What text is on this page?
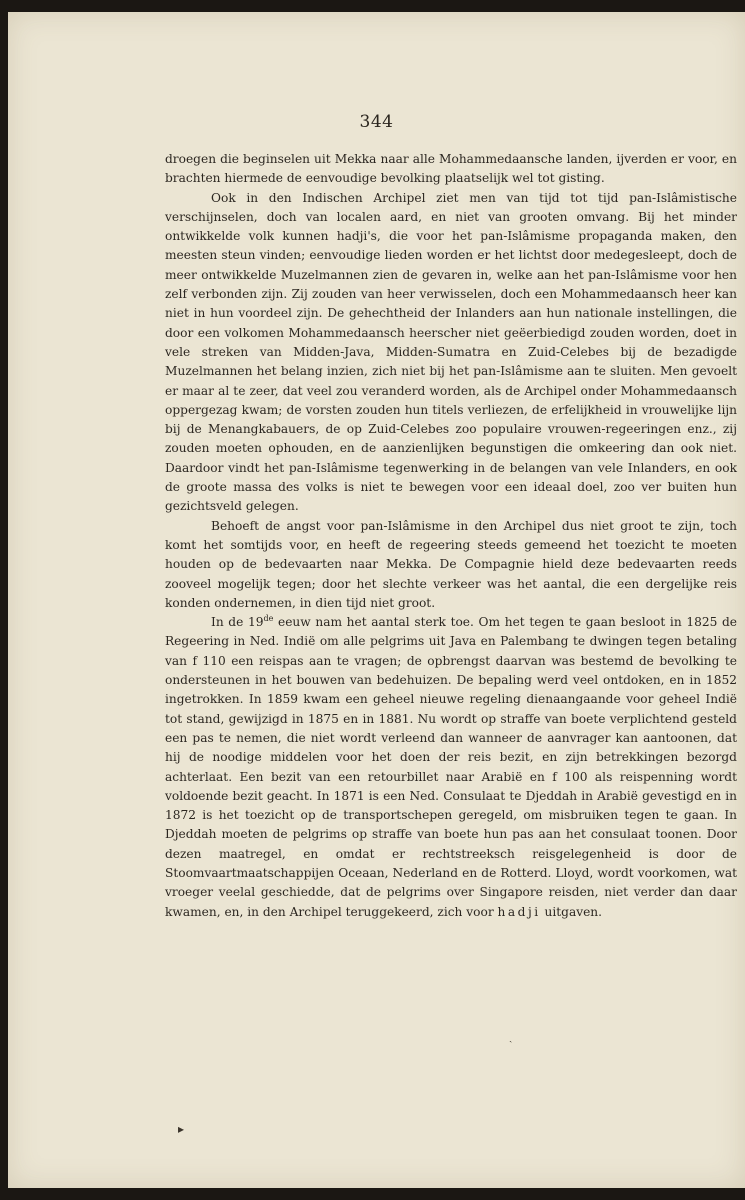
344

droegen die beginselen uit Mekka naar alle Mohammedaansche landen, ijverden er voor, en brachten hiermede de eenvoudige bevolking plaatselijk wel tot gisting.

Ook in den Indischen Archipel ziet men van tijd tot tijd pan-Islâmistische verschijnselen, doch van localen aard, en niet van grooten omvang. Bij het minder ontwikkelde volk kunnen hadji's, die voor het pan-Islâmisme propaganda maken, den meesten steun vinden; eenvoudige lieden worden er het lichtst door medegesleept, doch de meer ontwikkelde Muzelmannen zien de gevaren in, welke aan het pan-Islâmisme voor hen zelf verbonden zijn. Zij zouden van heer verwisselen, doch een Mohammedaansch heer kan niet in hun voordeel zijn. De gehechtheid der Inlanders aan hun nationale instellingen, die door een volkomen Mohammedaansch heerscher niet geëerbiedigd zouden worden, doet in vele streken van Midden-Java, Midden-Sumatra en Zuid-Celebes bij de bezadigde Muzelmannen het belang inzien, zich niet bij het pan-Islâmisme aan te sluiten. Men gevoelt er maar al te zeer, dat veel zou veranderd worden, als de Archipel onder Mohammedaansch oppergezag kwam; de vorsten zouden hun titels verliezen, de erfelijkheid in vrouwelijke lijn bij de Menangkabauers, de op Zuid-Celebes zoo populaire vrouwen-regeeringen enz., zij zouden moeten ophouden, en de aanzienlijken begunstigen die omkeering dan ook niet. Daardoor vindt het pan-Islâmisme tegenwerking in de belangen van vele Inlanders, en ook de groote massa des volks is niet te bewegen voor een ideaal doel, zoo ver buiten hun gezichtsveld gelegen.

Behoeft de angst voor pan-Islâmisme in den Archipel dus niet groot te zijn, toch komt het somtijds voor, en heeft de regeering steeds gemeend het toezicht te moeten houden op de bedevaarten naar Mekka. De Compagnie hield deze bedevaarten reeds zooveel mogelijk tegen; door het slechte verkeer was het aantal, die een dergelijke reis konden ondernemen, in dien tijd niet groot.

In de 19de eeuw nam het aantal sterk toe. Om het tegen te gaan besloot in 1825 de Regeering in Ned. Indië om alle pelgrims uit Java en Palembang te dwingen tegen betaling van f 110 een reispas aan te vragen; de opbrengst daarvan was bestemd de bevolking te ondersteunen in het bouwen van bedehuizen. De bepaling werd veel ontdoken, en in 1852 ingetrokken. In 1859 kwam een geheel nieuwe regeling dienaangaande voor geheel Indië tot stand, gewijzigd in 1875 en in 1881. Nu wordt op straffe van boete verplichtend gesteld een pas te nemen, die niet wordt verleend dan wanneer de aanvrager kan aantoonen, dat hij de noodige middelen voor het doen der reis bezit, en zijn betrekkingen bezorgd achterlaat. Een bezit van een retourbillet naar Arabië en f 100 als reispenning wordt voldoende bezit geacht. In 1871 is een Ned. Consulaat te Djeddah in Arabië gevestigd en in 1872 is het toezicht op de transportschepen geregeld, om misbruiken tegen te gaan. In Djeddah moeten de pelgrims op straffe van boete hun pas aan het consulaat toonen. Door dezen maatregel, en omdat er rechtstreeksch reisgelegenheid is door de Stoomvaartmaatschappijen Oceaan, Nederland en de Rotterd. Lloyd, wordt voorkomen, wat vroeger veelal geschiedde, dat de pelgrims over Singapore reisden, niet verder dan daar kwamen, en, in den Archipel teruggekeerd, zich voor hadji uitgaven.

ˎ
▸
